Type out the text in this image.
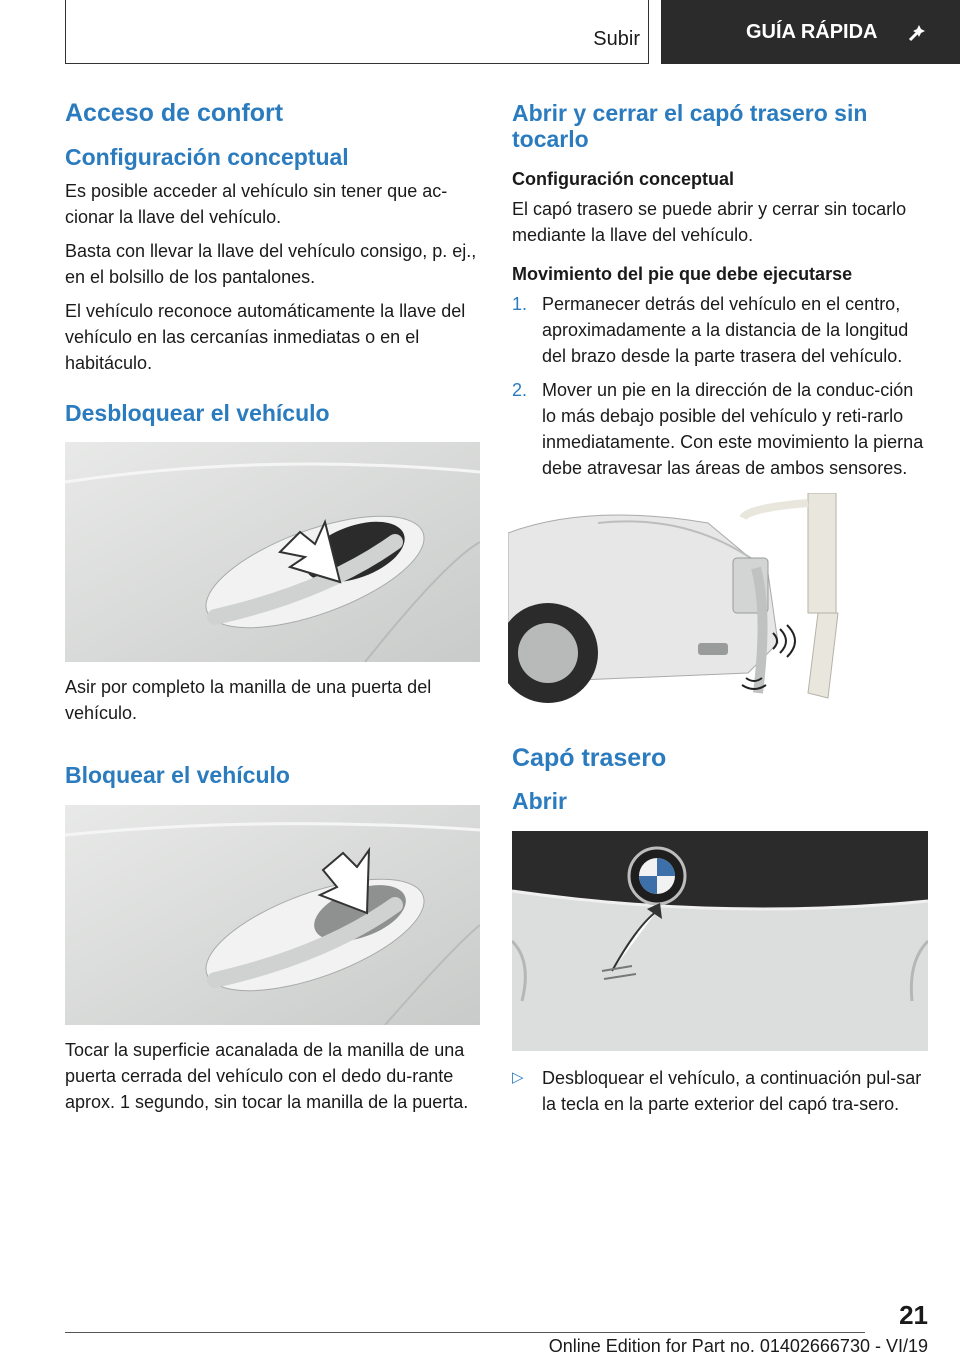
Subir	GUÍA RÁPIDA
Acceso de confort
Configuración conceptual

Es posible acceder al vehículo sin tener que ac‐cionar la llave del vehículo.

Basta con llevar la llave del vehículo consigo, p. ej., en el bolsillo de los pantalones.

El vehículo reconoce automáticamente la llave del vehículo en las cercanías inmediatas o en el habitáculo.

Desbloquear el vehículo

Asir por completo la manilla de una puerta del vehículo.

Bloquear el vehículo

Tocar la superficie acanalada de la manilla de una puerta cerrada del vehículo con el dedo du‐rante aprox. 1 segundo, sin tocar la manilla de la puerta.

Abrir y cerrar el capó trasero sin tocarlo
Configuración conceptual

El capó trasero se puede abrir y cerrar sin tocarlo mediante la llave del vehículo.

Movimiento del pie que debe ejecutarse
1. Permanecer detrás del vehículo en el centro, aproximadamente a la distancia de la longitud del brazo desde la parte trasera del vehículo.
2. Mover un pie en la dirección de la conduc‐ción lo más debajo posible del vehículo y reti‐rarlo inmediatamente. Con este movimiento la pierna debe atravesar las áreas de ambos sensores.
Capó trasero
Abrir
▷	Desbloquear el vehículo, a continuación pul‐sar la tecla en la parte exterior del capó tra‐sero.
21
Online Edition for Part no. 01402666730 - VI/19
